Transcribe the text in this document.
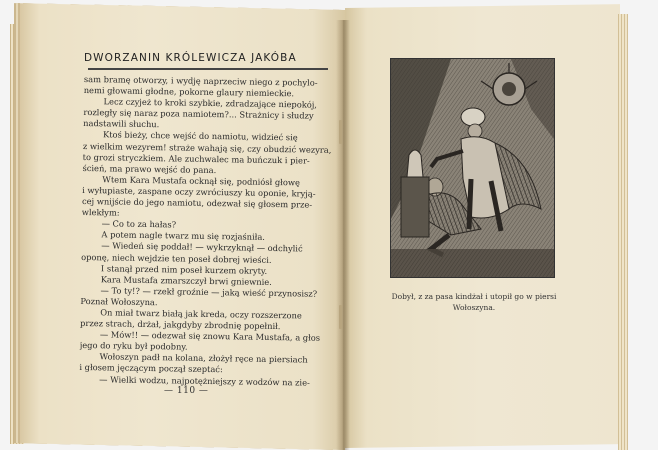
DWORZANIN KRÓLEWICZA JAKÓBA
sam bramę otworzy, i wydję naprzeciw niego z pochylo-
nemi głowami głodne, pokorne glaury niemieckie.
Lecz czyjeż to kroki szybkie, zdradzające niepokój,
rozległy się naraz poza namiotem?... Strażnicy i słudzy
nadstawili słuchu.
Ktoś bieży, chce wejść do namiotu, widzieć się
z wielkim wezyrem! straże wahają się, czy obudzić wezyra,
to grozi stryczkiem. Ale zuchwalec ma buńczuk i pier-
ścień, ma prawo wejść do pana.
Wtem Kara Mustafa ocknął się, podniósł głowę
i wyłupiaste, zaspane oczy zwróciuszy ku oponie, kryją-
cej wnijście do jego namiotu, odezwał się głosem prze-
wlekłym:
— Co to za hałas?
A potem nagle twarz mu się rozjaśniła.
— Wiedeń się poddał! — wykrzyknął — odchylić
oponę, niech wejdzie ten poseł dobrej wieści.
I stanął przed nim poseł kurzem okryty.
Kara Mustafa zmarszczył brwi gniewnie.
— To ty!? — rzekł groźnie — jaką wieść przynosisz?
Poznał Wołoszyna.
On miał twarz białą jak kreda, oczy rozszerzone
przez strach, drżał, jakgdyby zbrodnię popełnił.
— Mów!! — odezwał się znowu Kara Mustafa, a głos
jego do ryku był podobny.
Wołoszyn padł na kolana, złożył ręce na piersiach
i głosem jęczącym począł szeptać:
— Wielki wodzu, najpotężniejszy z wodzów na zie-
— 110 —
Dobył, z za pasa kindżał i utopił go w piersi
Wołoszyna.
